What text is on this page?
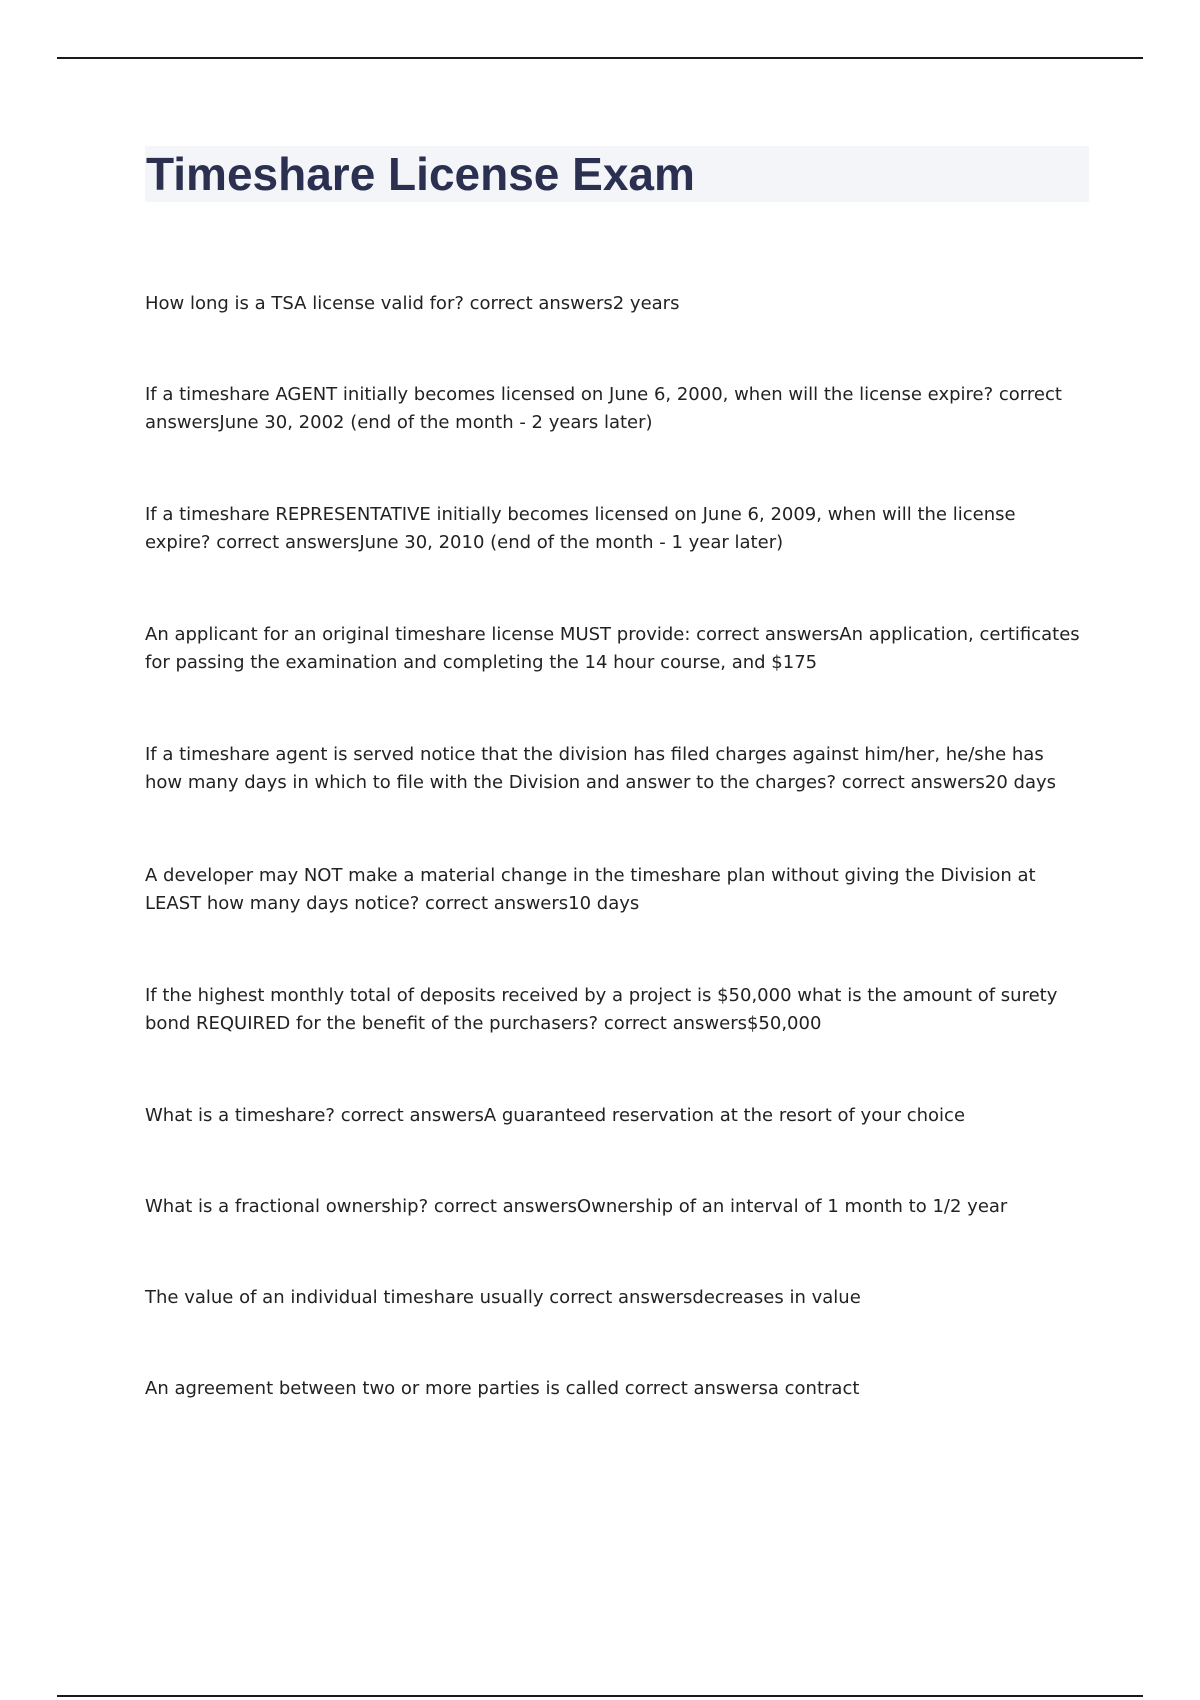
Timeshare License Exam
How long is a TSA license valid for? correct answers2 years
If a timeshare AGENT initially becomes licensed on June 6, 2000, when will the license expire? correct answersJune 30, 2002 (end of the month - 2 years later)
If a timeshare REPRESENTATIVE initially becomes licensed on June 6, 2009, when will the license expire? correct answersJune 30, 2010 (end of the month - 1 year later)
An applicant for an original timeshare license MUST provide: correct answersAn application, certificates for passing the examination and completing the 14 hour course, and $175
If a timeshare agent is served notice that the division has filed charges against him/her, he/she has how many days in which to file with the Division and answer to the charges? correct answers20 days
A developer may NOT make a material change in the timeshare plan without giving the Division at LEAST how many days notice? correct answers10 days
If the highest monthly total of deposits received by a project is $50,000 what is the amount of surety bond REQUIRED for the benefit of the purchasers? correct answers$50,000
What is a timeshare? correct answersA guaranteed reservation at the resort of your choice
What is a fractional ownership? correct answersOwnership of an interval of 1 month to 1/2 year
The value of an individual timeshare usually correct answersdecreases in value
An agreement between two or more parties is called correct answersa contract
